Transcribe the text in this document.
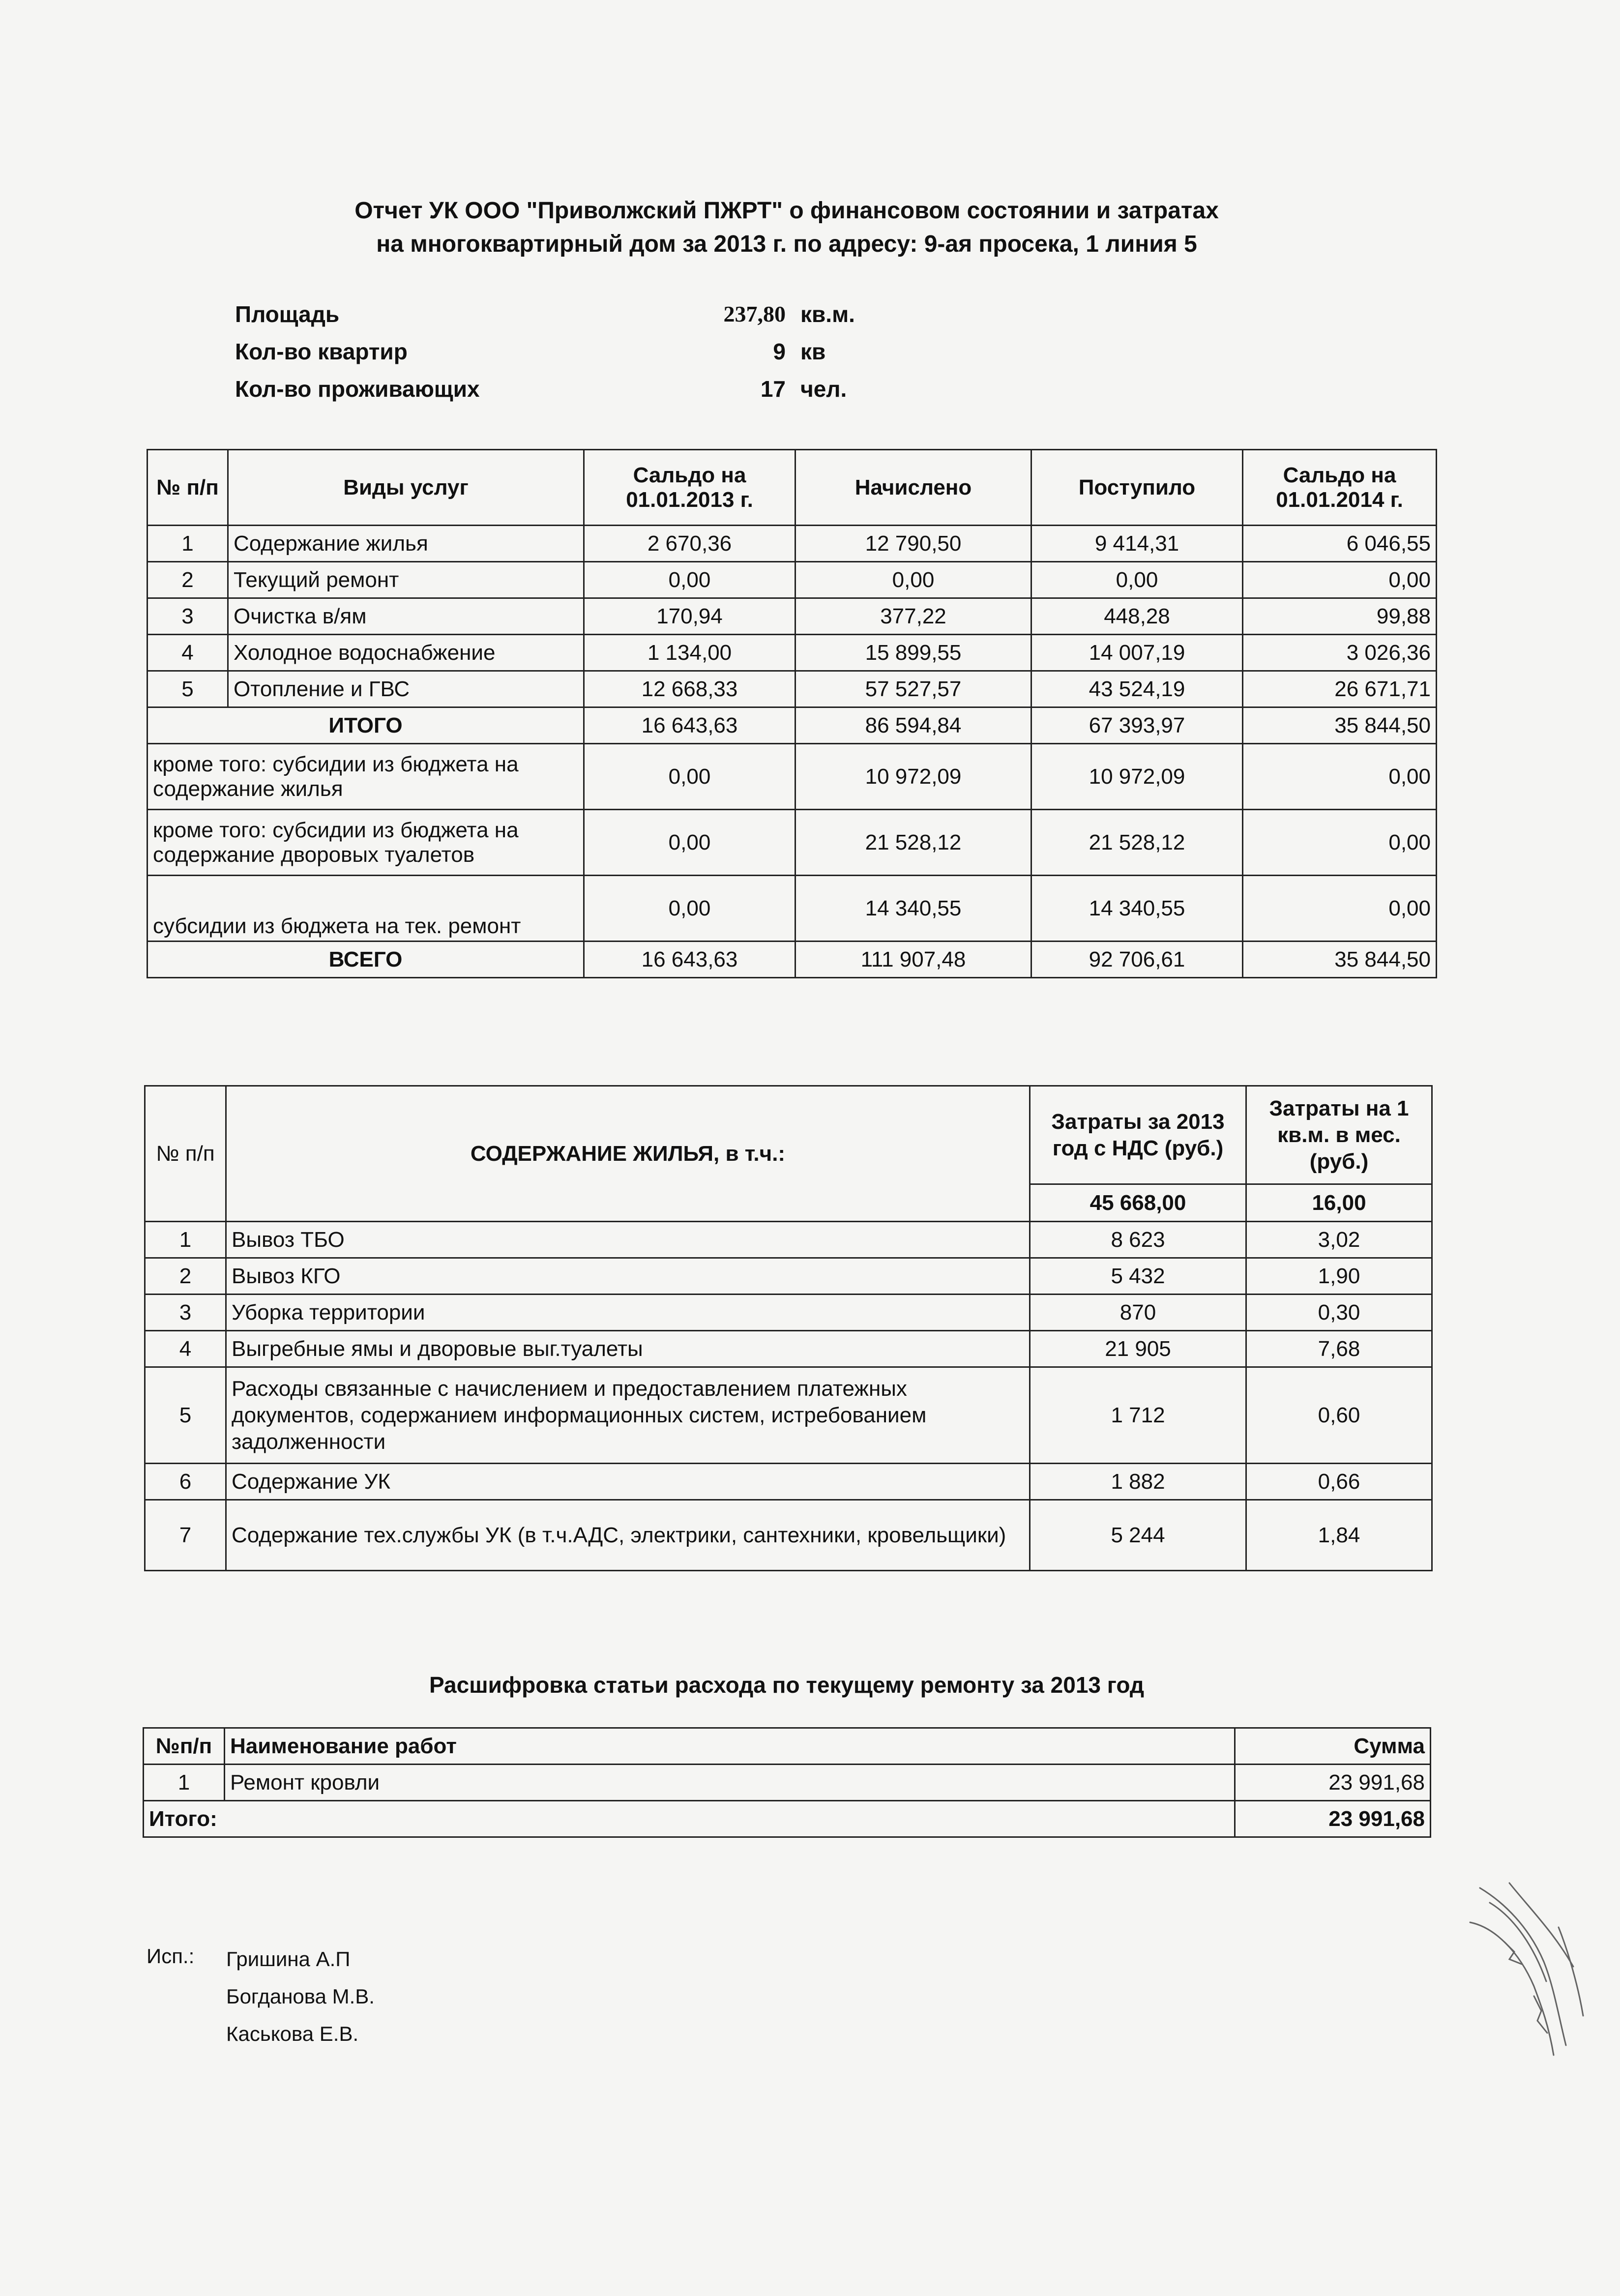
Отчет УК ООО "Приволжский ПЖРТ" о финансовом состоянии и затратах
на многоквартирный дом за 2013 г. по адресу: 9-ая просека, 1 линия 5
Площадь	237,80 кв.м.
Кол-во квартир	9 кв
Кол-во проживающих	17 чел.
№ п/п	Виды услуг	Сальдо на 01.01.2013 г.	Начислено	Поступило	Сальдо на 01.01.2014 г.
1	Содержание жилья	2 670,36	12 790,50	9 414,31	6 046,55
2	Текущий ремонт	0,00	0,00	0,00	0,00
3	Очистка в/ям	170,94	377,22	448,28	99,88
4	Холодное водоснабжение	1 134,00	15 899,55	14 007,19	3 026,36
5	Отопление и ГВС	12 668,33	57 527,57	43 524,19	26 671,71
ИТОГО		16 643,63	86 594,84	67 393,97	35 844,50
кроме того: субсидии из бюджета на содержание жилья		0,00	10 972,09	10 972,09	0,00
кроме того: субсидии из бюджета на содержание дворовых туалетов		0,00	21 528,12	21 528,12	0,00
субсидии из бюджета на тек. ремонт		0,00	14 340,55	14 340,55	0,00
ВСЕГО		16 643,63	111 907,48	92 706,61	35 844,50
№ п/п	СОДЕРЖАНИЕ ЖИЛЬЯ, в т.ч.:	Затраты за 2013 год с НДС (руб.)	Затраты на 1 кв.м. в мес. (руб.)
		45 668,00	16,00
1	Вывоз ТБО	8 623	3,02
2	Вывоз КГО	5 432	1,90
3	Уборка территории	870	0,30
4	Выгребные ямы и дворовые выг.туалеты	21 905	7,68
5	Расходы связанные с начислением и предоставлением платежных документов, содержанием информационных систем, истребованием задолженности	1 712	0,60
6	Содержание УК	1 882	0,66
7	Содержание тех.службы УК (в т.ч.АДС, электрики, сантехники, кровельщики)	5 244	1,84
Расшифровка статьи расхода по текущему ремонту за 2013 год
№п/п	Наименование работ	Сумма
1	Ремонт кровли	23 991,68
Итого:		23 991,68
Исп.: Гришина А.П
Богданова М.В.
Каськова Е.В.
